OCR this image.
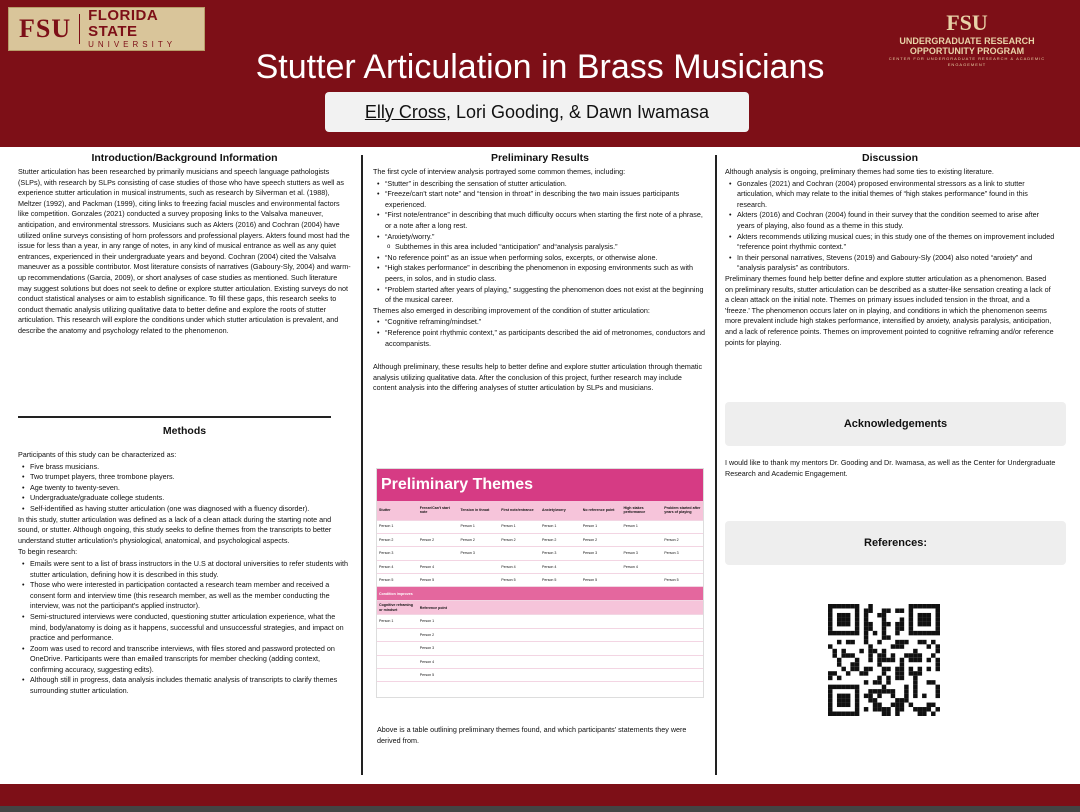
FSU FLORIDA STATE
UNIVERSITY
FSU
UNDERGRADUATE RESEARCH
OPPORTUNITY PROGRAM
CENTER FOR UNDERGRADUATE RESEARCH & ACADEMIC ENGAGEMENT
Stutter Articulation in Brass Musicians
Elly Cross , Lori Gooding, & Dawn Iwamasa
Introduction/Background Information

Stutter articulation has been researched by primarily musicians and speech language pathologists (SLPs), with research by SLPs consisting of case studies of those who have speech stutters as well as experience stutter articulation in musical instruments, such as research by Silverman et al. (1988), Meltzer (1992), and Packman (1999), citing links to freezing facial muscles and environmental factors like competition. Gonzales (2021) conducted a survey proposing links to the Valsalva maneuver, anticipation, and environmental stressors. Musicians such as Akters (2016) and Cochran (2004) have utilized online surveys consisting of horn professors and professional players. Akters found most had the issue for less than a year, in any range of notes, in any kind of musical entrance as well as any quiet entrances, experienced in their undergraduate years and beyond. Cochran (2004) cited the Valsalva maneuver as a possible contributor. Most literature consists of narratives (Gaboury-Sly, 2004) and warm-up recommendations (Garcia, 2009), or short analyses of case studies as mentioned. Such literature may suggest solutions but does not seek to define or explore stutter articulation. Existing surveys do not conduct statistical analyses or aim to establish significance. To fill these gaps, this research seeks to conduct thematic analysis utilizing qualitative data to better define and explore the roots of stutter articulation. This research will explore the conditions under which stutter articulation is prevalent, and describe the anatomy and psychology related to the phenomenon.

Methods

Participants of this study can be characterized as:

• Five brass musicians.
• Two trumpet players, three trombone players.
• Age twenty to twenty-seven.
• Undergraduate/graduate college students.
• Self-identified as having stutter articulation (one was diagnosed with a fluency disorder).

In this study, stutter articulation was defined as a lack of a clean attack during the starting note and sound, or stutter. Although ongoing, this study seeks to define themes from the transcripts to better understand stutter articulation's physiological, anatomical, and psychological aspects.

To begin research:

• Emails were sent to a list of brass instructors in the U.S at doctoral universities to refer students with stutter articulation, defining how it is described in this study.
• Those who were interested in participation contacted a research team member and received a consent form and interview time (this research member, as well as the member conducting the interview, was not the participant's applied instructor).
• Semi-structured interviews were conducted, questioning stutter articulation experience, what the mind, body/anatomy is doing as it happens, successful and unsuccessful strategies, and impact on practice and performance.
• Zoom was used to record and transcribe interviews, with files stored and password protected on OneDrive. Participants were than emailed transcripts for member checking (adding context, confirming accuracy, suggesting edits).
• Although still in progress, data analysis includes thematic analysis of transcripts to clarify themes surrounding stutter articulation.
Preliminary Results

The first cycle of interview analysis portrayed some common themes, including:

• “Stutter” in describing the sensation of stutter articulation.
• “Freeze/can't start note” and “tension in throat” in describing the two main issues participants experienced.
• “First note/entrance” in describing that much difficulty occurs when starting the first note of a phrase, or a note after a long rest.
• “Anxiety/worry.”
o Subthemes in this area included “anticipation” and“analysis paralysis.”
• “No reference point” as an issue when performing solos, excerpts, or otherwise alone.
• “High stakes performance” in describing the phenomenon in exposing environments such as with peers, in solos, and in studio class.
• “Problem started after years of playing,” suggesting the phenomenon does not exist at the beginning of the musical career.

Themes also emerged in describing improvement of the condition of stutter articulation:

• “Cognitive reframing/mindset.”
• “Reference point rhythmic context,” as participants described the aid of metronomes, conductors and accompanists.

Although preliminary, these results help to better define and explore stutter articulation through thematic analysis utilizing qualitative data. After the conclusion of this project, further research may include content analysis into the differing analyses of stutter articulation by SLPs and musicians.

Preliminary Themes
Stutter	Freeze/Can't start note	Tension in throat	First note/entrance	Anxiety/worry	No reference point	High stakes performance	Problem started after years of playing
Person 1		Person 1	Person 1	Person 1	Person 1	Person 1	
Person 2	Person 2	Person 2	Person 2	Person 2	Person 2		Person 2
Person 3		Person 3		Person 3	Person 3	Person 3	Person 3
Person 4	Person 4		Person 4	Person 4		Person 4	
Person 5	Person 5		Person 5	Person 5	Person 5		Person 5
Condition improves							
Cognitive reframing or mindset	Reference point						
Person 1	Person 1						
	Person 2						
	Person 3						
	Person 4						
	Person 5						

Above is a table outlining preliminary themes found, and which participants' statements they were derived from.

Discussion

Although analysis is ongoing, preliminary themes had some ties to existing literature.

• Gonzales (2021) and Cochran (2004) proposed environmental stressors as a link to stutter articulation, which may relate to the initial themes of “high stakes performance” found in this research.
• Akters (2016) and Cochran (2004) found in their survey that the condition seemed to arise after years of playing, also found as a theme in this study.
• Akters recommends utilizing musical cues; in this study one of the themes on improvement included “reference point rhythmic context.”
• In their personal narratives, Stevens (2019) and Gaboury-Sly (2004) also noted “anxiety” and “analysis paralysis” as contributors.

Preliminary themes found help better define and explore stutter articulation as a phenomenon. Based on preliminary results, stutter articulation can be described as a stutter-like sensation creating a lack of a clean attack on the initial note. Themes on primary issues included tension in the throat, and a 'freeze.' The phenomenon occurs later on in playing, and conditions in which the phenomenon seems more prevalent include high stakes performance, intensified by anxiety, analysis paralysis, anticipation, and a lack of reference points. Themes on improvement pointed to cognitive reframing and/or reference points for playing.

Acknowledgements

I would like to thank my mentors Dr. Gooding and Dr. Iwamasa, as well as the Center for Undergraduate Research and Academic Engagement.

References:
